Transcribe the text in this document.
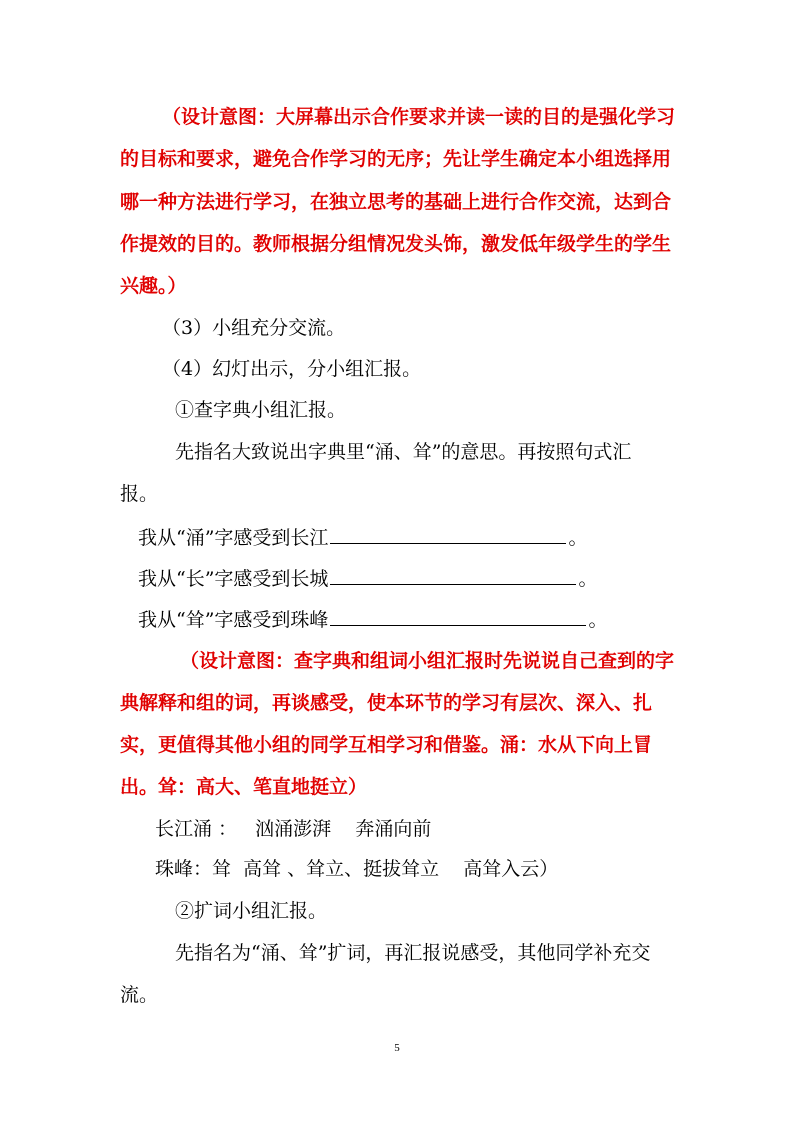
（设计意图：大屏幕出示合作要求并读一读的目的是强化学习
的目标和要求，避免合作学习的无序；先让学生确定本小组选择用
哪一种方法进行学习，在独立思考的基础上进行合作交流，达到合
作提效的目的。教师根据分组情况发头饰，激发低年级学生的学生
兴趣。）
（3）小组充分交流。
（4）幻灯出示，分小组汇报。
①查字典小组汇报。
先指名大致说出字典里“涌、耸”的意思。再按照句式汇
报。
我从“涌”字感受到长江	。
我从“长”字感受到长城	。
我从“耸”字感受到珠峰	。
（设计意图：查字典和组词小组汇报时先说说自己查到的字
典解释和组的词，再谈感受，使本环节的学习有层次、深入、扎
实，更值得其他小组的同学互相学习和借鉴。涌：水从下向上冒
出。耸：高大、笔直地挺立）
长江涌 ：   汹涌澎湃    奔涌向前
珠峰：耸  高耸 、耸立、挺拔耸立    高耸入云）
②扩词小组汇报。
先指名为“涌、耸”扩词，再汇报说感受，其他同学补充交
流。
5
